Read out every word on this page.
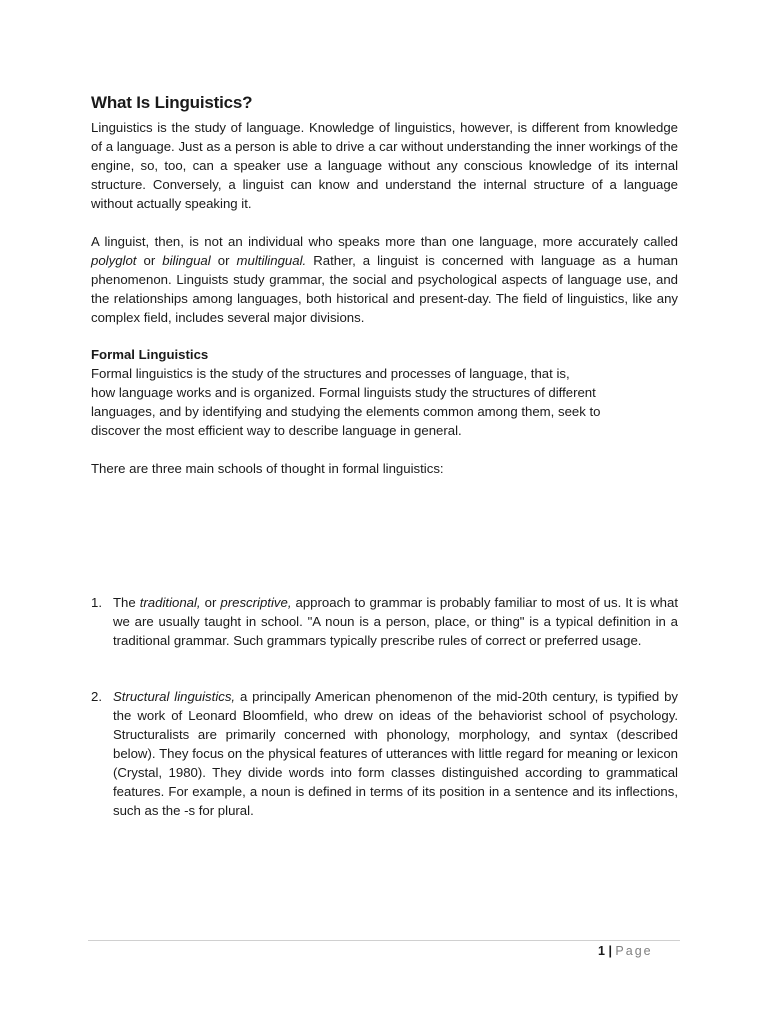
What Is Linguistics?

Linguistics is the study of language. Knowledge of linguistics, however, is different from knowledge of a language. Just as a person is able to drive a car without understanding the inner workings of the engine, so, too, can a speaker use a language without any conscious knowledge of its internal structure. Conversely, a linguist can know and understand the internal structure of a language without actually speaking it.

A linguist, then, is not an individual who speaks more than one language, more accurately called polyglot or bilingual or multilingual. Rather, a linguist is concerned with language as a human phenomenon. Linguists study grammar, the social and psychological aspects of language use, and the relationships among languages, both historical and present-day. The field of linguistics, like any complex field, includes several major divisions.

Formal Linguistics
Formal linguistics is the study of the structures and processes of language, that is,
how language works and is organized. Formal linguists study the structures of different
languages, and by identifying and studying the elements common among them, seek to
discover the most efficient way to describe language in general.

There are three main schools of thought in formal linguistics:

1. The traditional, or prescriptive, approach to grammar is probably familiar to most of us. It is what we are usually taught in school. "A noun is a person, place, or thing" is a typical definition in a traditional grammar. Such grammars typically prescribe rules of correct or preferred usage.
2. Structural linguistics, a principally American phenomenon of the mid-20th century, is typified by the work of Leonard Bloomfield, who drew on ideas of the behaviorist school of psychology. Structuralists are primarily concerned with phonology, morphology, and syntax (described below). They focus on the physical features of utterances with little regard for meaning or lexicon (Crystal, 1980). They divide words into form classes distinguished according to grammatical features. For example, a noun is defined in terms of its position in a sentence and its inflections, such as the -s for plural.
1 | Page
